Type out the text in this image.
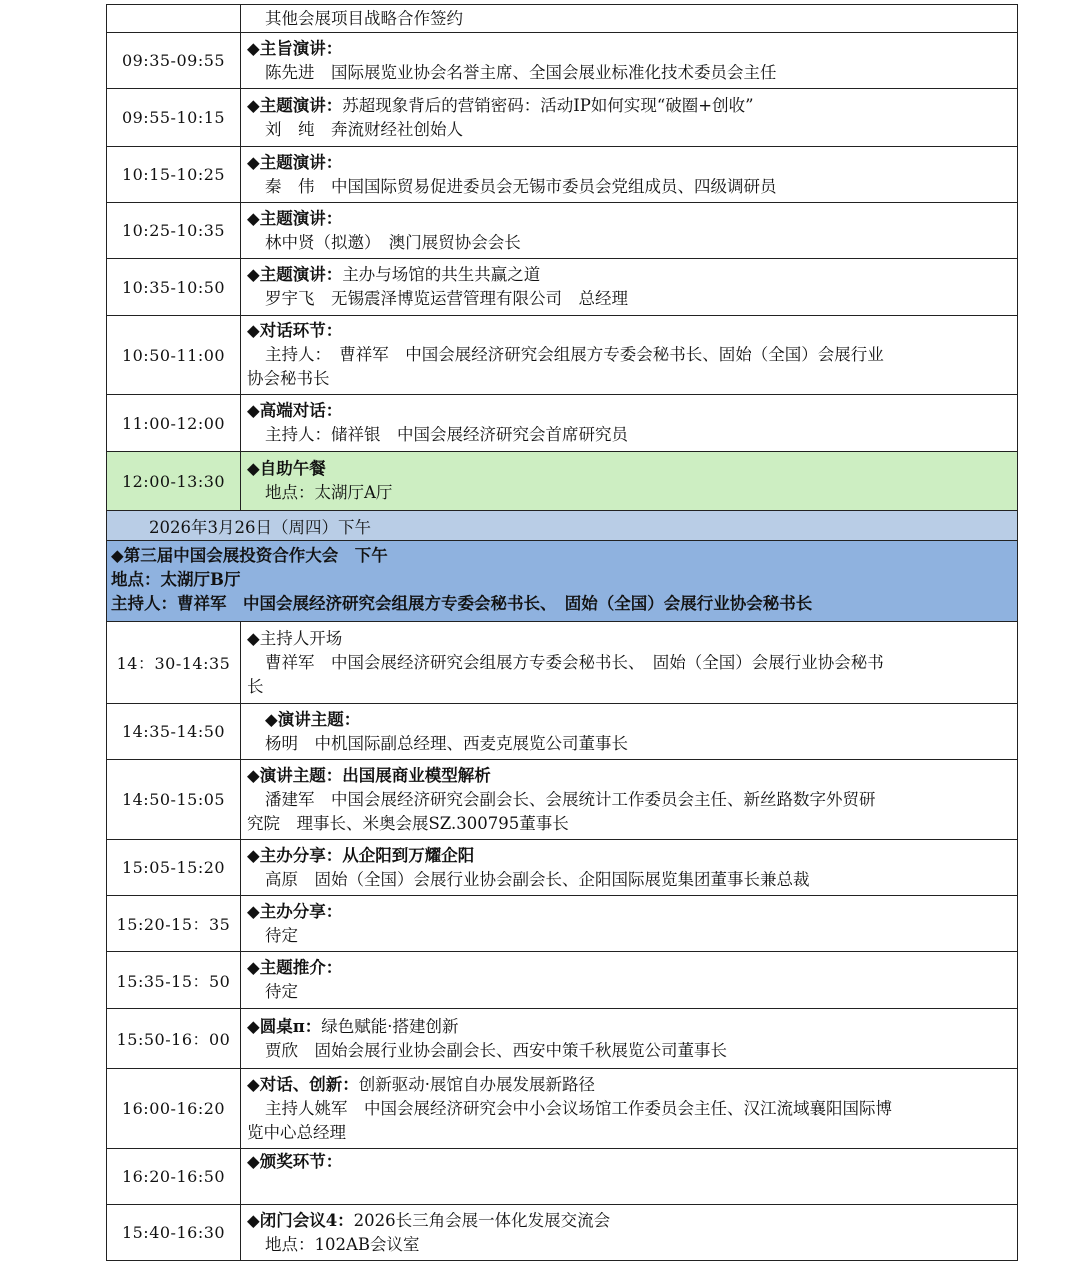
	其他会展项目战略合作签约

09:35-09:55	◆主旨演讲：
陈先进　国际展览业协会名誉主席、全国会展业标准化技术委员会主任

09:55-10:15	◆主题演讲：苏超现象背后的营销密码：活动IP如何实现“破圈+创收”
刘　纯　奔流财经社创始人

10:15-10:25	◆主题演讲：
秦　伟　中国国际贸易促进委员会无锡市委员会党组成员、四级调研员

10:25-10:35	◆主题演讲：
林中贤（拟邀）　澳门展贸协会会长

10:35-10:50	◆主题演讲：主办与场馆的共生共赢之道
罗宇飞　无锡震泽博览运营管理有限公司　总经理

10:50-11:00	◆对话环节：
主持人：　曹祥军　中国会展经济研究会组展方专委会秘书长、固始（全国）会展行业
协会秘书长

11:00-12:00	◆高端对话：
主持人：储祥银　中国会展经济研究会首席研究员

12:00-13:30	◆自助午餐
地点：太湖厅A厅

2026年3月26日（周四）下午	

◆第三届中国会展投资合作大会　下午
地点：太湖厅B厅
主持人：曹祥军　中国会展经济研究会组展方专委会秘书长、　固始（全国）会展行业协会秘书长	

14：30-14:35	◆主持人开场
曹祥军　中国会展经济研究会组展方专委会秘书长、　固始（全国）会展行业协会秘书
长

14:35-14:50	◆演讲主题：
杨明　中机国际副总经理、西麦克展览公司董事长

14:50-15:05	◆演讲主题：出国展商业模型解析
潘建军　中国会展经济研究会副会长、会展统计工作委员会主任、新丝路数字外贸研
究院　理事长、米奥会展SZ.300795董事长

15:05-15:20	◆主办分享：从企阳到万耀企阳
高原　固始（全国）会展行业协会副会长、企阳国际展览集团董事长兼总裁

15:20-15：35	◆主办分享：
待定

15:35-15：50	◆主题推介：
待定

15:50-16：00	◆圆桌π：绿色赋能·搭建创新
贾欣　固始会展行业协会副会长、西安中策千秋展览公司董事长

16:00-16:20	◆对话、创新：创新驱动·展馆自办展发展新路径
主持人姚军　中国会展经济研究会中小会议场馆工作委员会主任、汉江流域襄阳国际博
览中心总经理

16:20-16:50	◆颁奖环节：

15:40-16:30	◆闭门会议4：2026长三角会展一体化发展交流会
地点：102AB会议室
